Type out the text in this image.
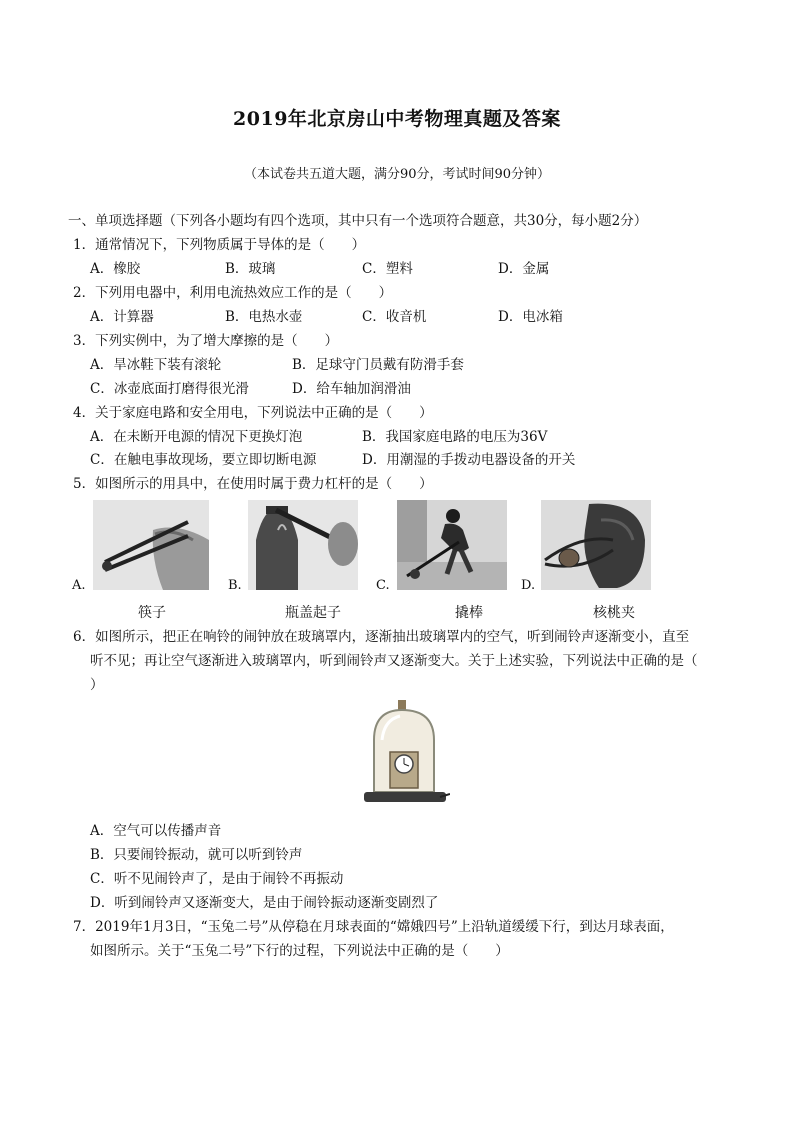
2019年北京房山中考物理真题及答案
（本试卷共五道大题，满分90分，考试时间90分钟）
一、单项选择题（下列各小题均有四个选项，其中只有一个选项符合题意，共30分，每小题2分）
1．通常情况下，下列物质属于导体的是（　　）
A．橡胶	B．玻璃	C．塑料	D．金属
2．下列用电器中，利用电流热效应工作的是（　　）
A．计算器	B．电热水壶	C．收音机	D．电冰箱
3．下列实例中，为了增大摩擦的是（　　）
A．旱冰鞋下装有滚轮	B．足球守门员戴有防滑手套
C．冰壶底面打磨得很光滑	D．给车轴加润滑油
4．关于家庭电路和安全用电，下列说法中正确的是（　　）
A．在未断开电源的情况下更换灯泡	B．我国家庭电路的电压为36V
C．在触电事故现场，要立即切断电源	D．用潮湿的手拨动电器设备的开关
5．如图所示的用具中，在使用时属于费力杠杆的是（　　）
A.
筷子
B.
瓶盖起子
C.
撬棒
D.
核桃夹
6．如图所示，把正在响铃的闹钟放在玻璃罩内，逐渐抽出玻璃罩内的空气，听到闹铃声逐渐变小，直至
听不见；再让空气逐渐进入玻璃罩内，听到闹铃声又逐渐变大。关于上述实验，下列说法中正确的是（
）
A．空气可以传播声音
B．只要闹铃振动，就可以听到铃声
C．听不见闹铃声了，是由于闹铃不再振动
D．听到闹铃声又逐渐变大，是由于闹铃振动逐渐变剧烈了
7．2019年1月3日，“玉兔二号”从停稳在月球表面的“嫦娥四号”上沿轨道缓缓下行，到达月球表面，
如图所示。关于“玉兔二号”下行的过程，下列说法中正确的是（　　）
